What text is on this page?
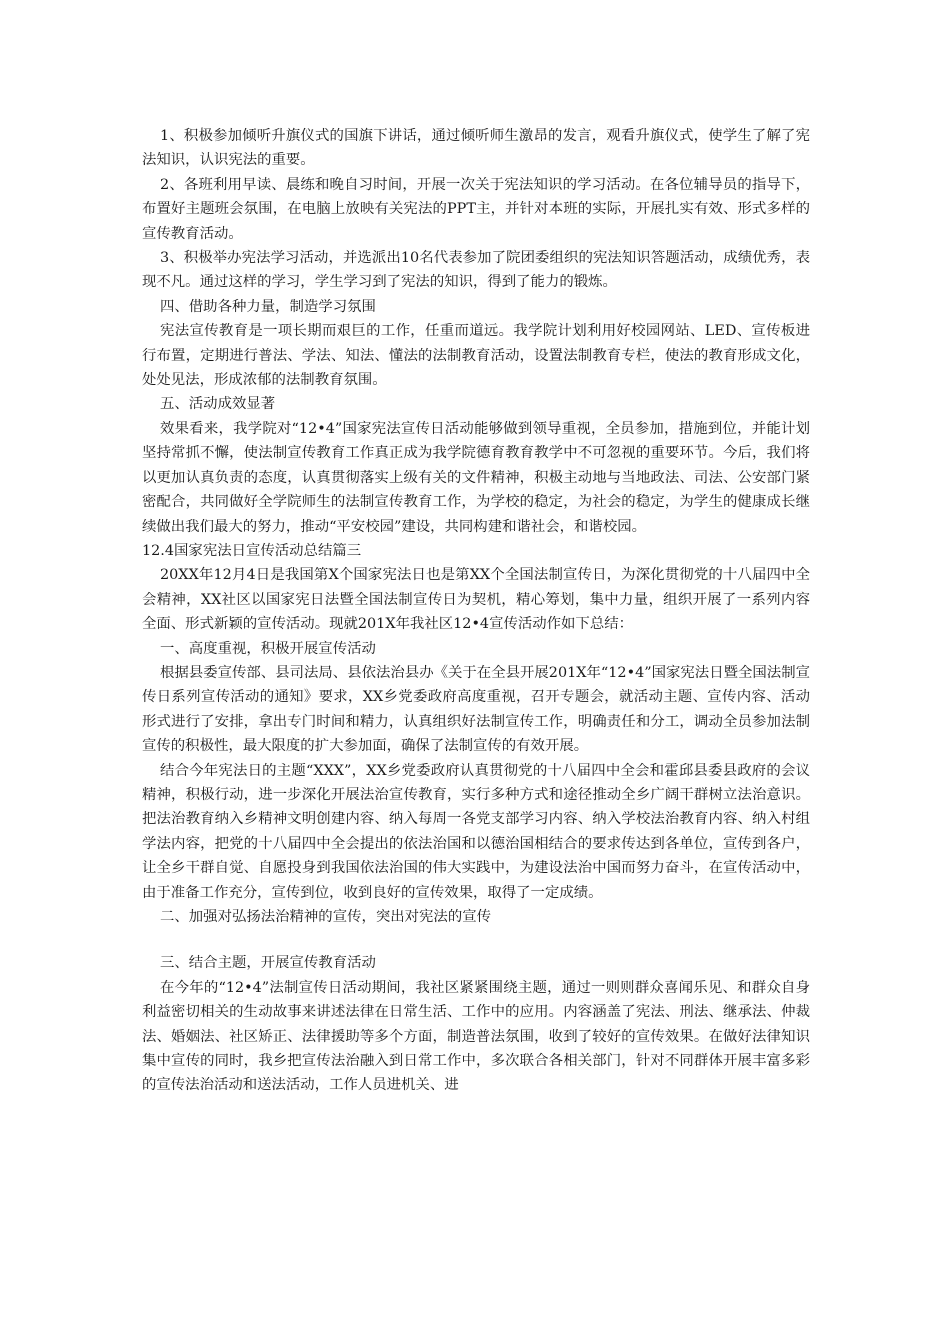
1、积极参加倾听升旗仪式的国旗下讲话，通过倾听师生激昂的发言，观看升旗仪式，使学生了解了宪法知识，认识宪法的重要。

2、各班利用早读、晨练和晚自习时间，开展一次关于宪法知识的学习活动。在各位辅导员的指导下，布置好主题班会氛围，在电脑上放映有关宪法的PPT主，并针对本班的实际，开展扎实有效、形式多样的宣传教育活动。

3、积极举办宪法学习活动，并选派出10名代表参加了院团委组织的宪法知识答题活动，成绩优秀，表现不凡。通过这样的学习，学生学习到了宪法的知识，得到了能力的锻炼。

四、借助各种力量，制造学习氛围

宪法宣传教育是一项长期而艰巨的工作，任重而道远。我学院计划利用好校园网站、LED、宣传板进行布置，定期进行普法、学法、知法、懂法的法制教育活动，设置法制教育专栏，使法的教育形成文化，处处见法，形成浓郁的法制教育氛围。

五、活动成效显著

效果看来，我学院对“12•4”国家宪法宣传日活动能够做到领导重视，全员参加，措施到位，并能计划坚持常抓不懈，使法制宣传教育工作真正成为我学院德育教育教学中不可忽视的重要环节。今后，我们将以更加认真负责的态度，认真贯彻落实上级有关的文件精神，积极主动地与当地政法、司法、公安部门紧密配合，共同做好全学院师生的法制宣传教育工作，为学校的稳定，为社会的稳定，为学生的健康成长继续做出我们最大的努力，推动“平安校园”建设，共同构建和谐社会，和谐校园。

12.4国家宪法日宣传活动总结篇三

20XX年12月4日是我国第X个国家宪法日也是第XX个全国法制宣传日，为深化贯彻党的十八届四中全会精神，XX社区以国家宪日法暨全国法制宣传日为契机，精心筹划，集中力量，组织开展了一系列内容全面、形式新颖的宣传活动。现就201X年我社区12•4宣传活动作如下总结：

一、高度重视，积极开展宣传活动

根据县委宣传部、县司法局、县依法治县办《关于在全县开展201X年“12•4”国家宪法日暨全国法制宣传日系列宣传活动的通知》要求，XX乡党委政府高度重视，召开专题会，就活动主题、宣传内容、活动形式进行了安排，拿出专门时间和精力，认真组织好法制宣传工作，明确责任和分工，调动全员参加法制宣传的积极性，最大限度的扩大参加面，确保了法制宣传的有效开展。

结合今年宪法日的主题“XXX”，XX乡党委政府认真贯彻党的十八届四中全会和霍邱县委县政府的会议精神，积极行动，进一步深化开展法治宣传教育，实行多种方式和途径推动全乡广阔干群树立法治意识。把法治教育纳入乡精神文明创建内容、纳入每周一各党支部学习内容、纳入学校法治教育内容、纳入村组学法内容，把党的十八届四中全会提出的依法治国和以德治国相结合的要求传达到各单位，宣传到各户，让全乡干群自觉、自愿投身到我国依法治国的伟大实践中，为建设法治中国而努力奋斗，在宣传活动中，由于准备工作充分，宣传到位，收到良好的宣传效果，取得了一定成绩。

二、加强对弘扬法治精神的宣传，突出对宪法的宣传

三、结合主题，开展宣传教育活动

在今年的“12•4”法制宣传日活动期间，我社区紧紧围绕主题，通过一则则群众喜闻乐见、和群众自身利益密切相关的生动故事来讲述法律在日常生活、工作中的应用。内容涵盖了宪法、刑法、继承法、仲裁法、婚姻法、社区矫正、法律援助等多个方面，制造普法氛围，收到了较好的宣传效果。在做好法律知识集中宣传的同时，我乡把宣传法治融入到日常工作中，多次联合各相关部门，针对不同群体开展丰富多彩的宣传法治活动和送法活动，工作人员进机关、进
